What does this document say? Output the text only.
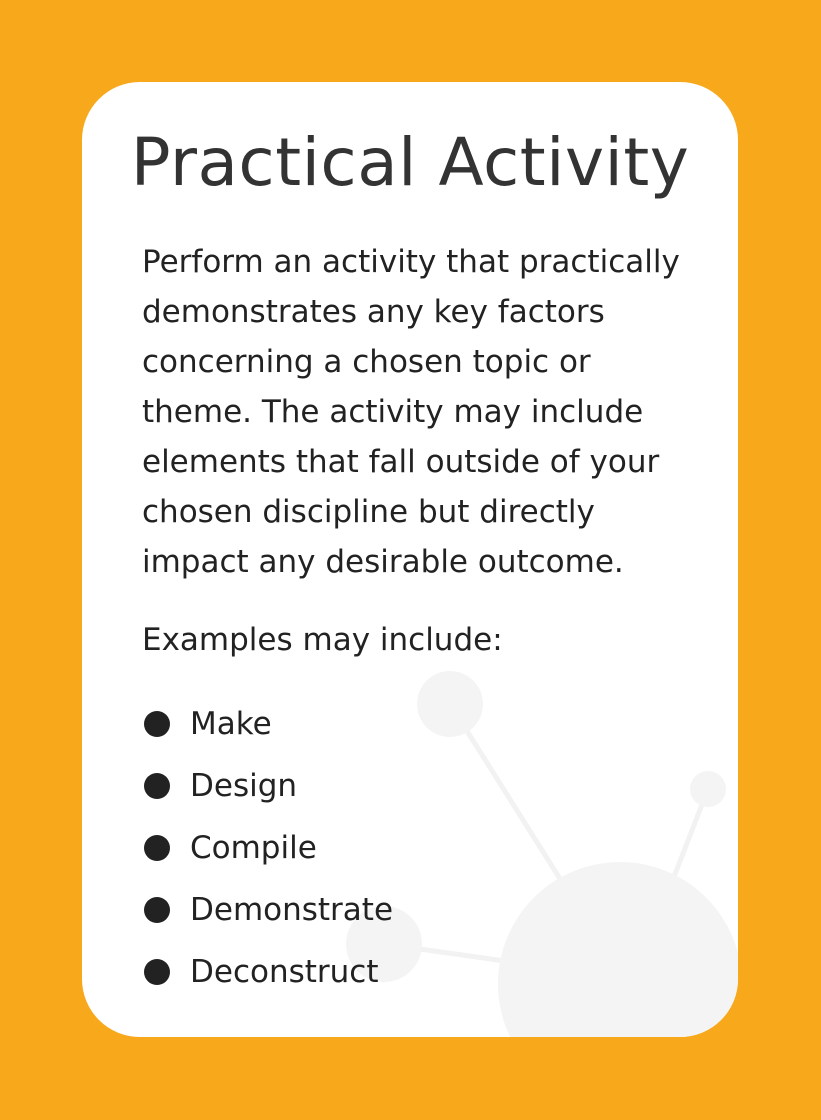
Practical Activity

Perform an activity that practically
demonstrates any key factors
concerning a chosen topic or
theme. The activity may include
elements that fall outside of your
chosen discipline but directly
impact any desirable outcome.

Examples may include:

Make
Design
Compile
Demonstrate
Deconstruct
